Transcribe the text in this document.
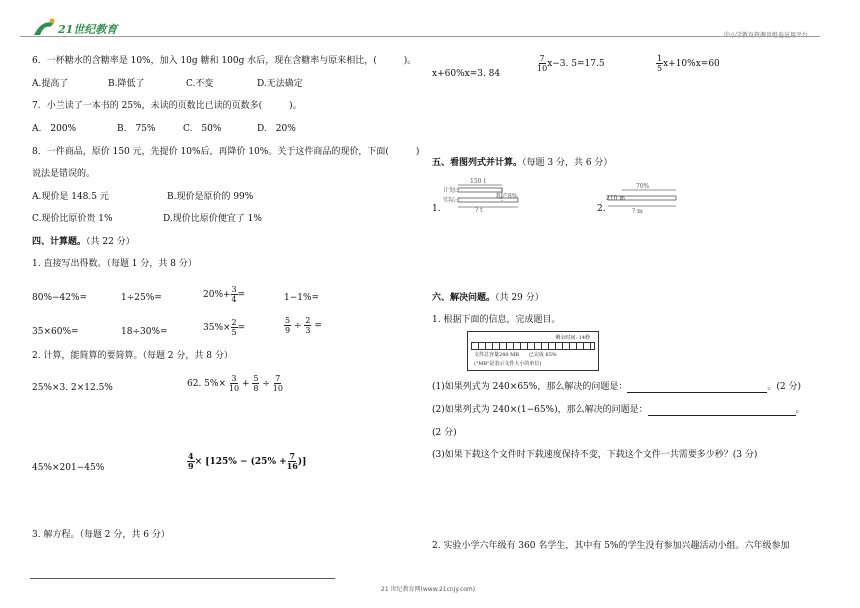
21世纪教育	中小学教育资源及组卷应用平台
6．一杯糖水的含糖率是 10%，加入 10g 糖和 100g 水后，现在含糖率与原来相比，(　　　)。
A.提高了	B.降低了	C.不变	D.无法确定
7．小兰读了一本书的 25%，未读的页数比已读的页数多(　　　)。
A.　200%	B.　75%	C.　50%	D.　20%
8．一件商品，原价 150 元，先提价 10%后，再降价 10%。关于这件商品的现价，下面(　　　)
说法是错误的。
A.现价是 148.5 元	B.现价是原价的 99%
C.现价比原价贵 1%	D.现价比原价便宜了 1%
四、计算题。（共 22 分）
1. 直接写出得数。（每题 1 分，共 8 分）
80%−42%=	1÷25%=	$20\%+ \frac{3}{4}$ =	1−1%=
35×60%=	18÷30%=	$35\%\times \frac{2}{5}$ =	$\frac{5}{9} \div \frac{2}{3}$ =
2. 计算，能简算的要简算。（每题 2 分，共 8 分）
25%×3. 2×12.5%	62. $5\%\times \frac{3}{10} + \frac{5}{8} \div \frac{7}{10}$
45%×201−45%	$\frac{4}{9} \times [125\% - (25\% + \frac{7}{16}$ )]
3. 解方程。（每题 2 分，共 6 分）
x+60%x=3. 84
$\frac{7}{10} x-3$. 5=17.5	$\frac{1}{5} x+10\%x=60$
五、看图列式并计算。（每题 3 分，共 6 分）
1.
150 t
计划:
实际:
超产8%
? t	2.
70%
210 m
? m
六、解决问题。（共 29 分）
1. 根据下面的信息，完成题目。
剩余时间: 14秒
文件总容量240 MB　　已完成 65%
("MB"是表示文件大小的单位)
(1)如果列式为 240×65%，那么解决的问题是：	。(2 分)
(2)如果列式为 240×(1−65%)，那么解决的问题是：	。
(2 分)
(3)如果下载这个文件时下载速度保持不变，下载这个文件一共需要多少秒？(3 分)
2. 实验小学六年级有 360 名学生，其中有 5%的学生没有参加兴趣活动小组。六年级参加
21 世纪教育网(www.21cnjy.com)
